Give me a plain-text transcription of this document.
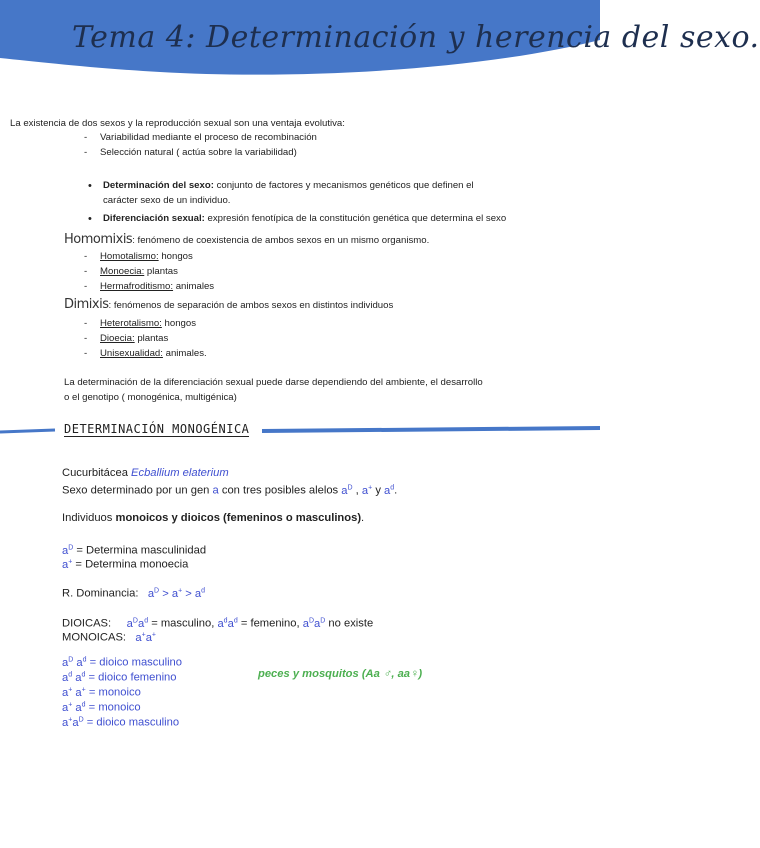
Tema 4: Determinación y herencia del sexo.
La existencia de dos sexos y la reproducción sexual son una ventaja evolutiva:
- Variabilidad mediante el proceso de recombinación
- Selección natural ( actúa sobre la variabilidad)
• Determinación del sexo: conjunto de factores y mecanismos genéticos que definen el
carácter sexo de un individuo.
• Diferenciación sexual: expresión fenotípica de la constitución genética que determina el sexo
Homomixis: fenómeno de coexistencia de ambos sexos en un mismo organismo.
- Homotalismo: hongos
- Monoecia: plantas
- Hermafroditismo: animales
Dimixis: fenómenos de separación de ambos sexos en distintos individuos
- Heterotalismo: hongos
- Dioecia: plantas
- Unisexualidad: animales.
La determinación de la diferenciación sexual puede darse dependiendo del ambiente, el desarrollo
o el genotipo ( monogénica, multigénica)
DETERMINACIÓN MONOGÉNICA
Cucurbitácea Ecballium elaterium
Sexo determinado por un gen a con tres posibles alelos $a^D$ , a+ y $a^d$.
Individuos monoicos y dioicos (femeninos o masculinos).
$a^D$ = Determina masculinidad
a+ = Determina monoecia
R. Dominancia: $a^D > a^+ > a^d$
DIOICAS: $a^Da^d$ = masculino, $a^da^d$ = femenino, $a^Da^D$ no existe
MONOICAS: a+a+
$a^D$ $a^d$ = dioico masculino
$a^d$ $a^d$ = dioico femenino
a+ a+ = monoico
a+ $a^d$ = monoico
$a^+a^D$ = dioico masculino
peces y mosquitos (Aa ♂, aa♀)
